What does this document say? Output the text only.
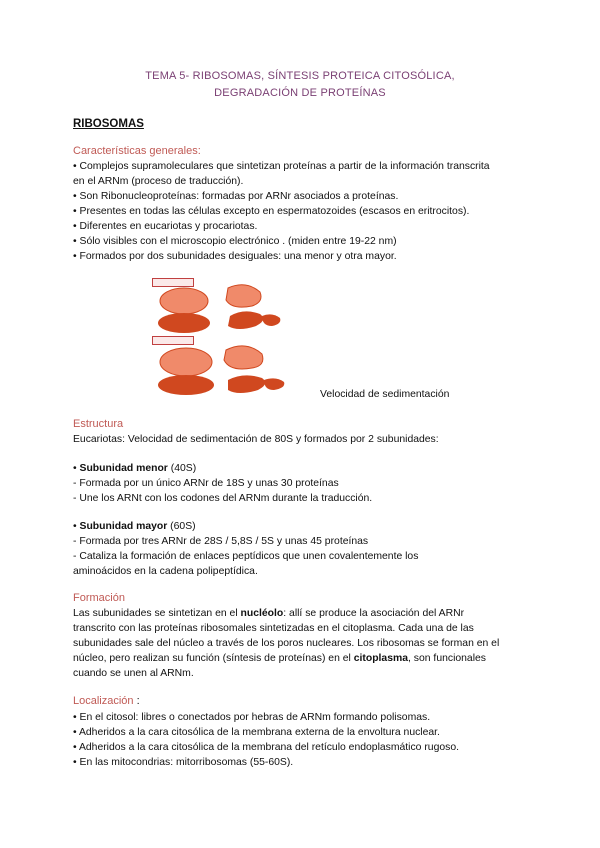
TEMA 5- RIBOSOMAS, SÍNTESIS PROTEICA CITOSÓLICA,
DEGRADACIÓN DE PROTEÍNAS
RIBOSOMAS
Características generales:
• Complejos supramoleculares que sintetizan proteínas a partir de la información transcrita
en el ARNm (proceso de traducción).
• Son Ribonucleoproteínas: formadas por ARNr asociados a proteínas.
• Presentes en todas las células excepto en espermatozoides (escasos en eritrocitos).
• Diferentes en eucariotas y procariotas.
• Sólo visibles con el microscopio electrónico . (miden entre 19-22 nm)
• Formados por dos subunidades desiguales: una menor y otra mayor.
Velocidad de sedimentación
Estructura
Eucariotas: Velocidad de sedimentación de 80S y formados por 2 subunidades:
• Subunidad menor (40S)
- Formada por un único ARNr de 18S y unas 30 proteínas
- Une los ARNt con los codones del ARNm durante la traducción.
• Subunidad mayor (60S)
- Formada por tres ARNr de 28S / 5,8S / 5S y unas 45 proteínas
- Cataliza la formación de enlaces peptídicos que unen covalentemente los
aminoácidos en la cadena polipeptídica.
Formación
Las subunidades se sintetizan en el nucléolo: allí se produce la asociación del ARNr
transcrito con las proteínas ribosomales sintetizadas en el citoplasma. Cada una de las
subunidades sale del núcleo a través de los poros nucleares. Los ribosomas se forman en el
núcleo, pero realizan su función (síntesis de proteínas) en el citoplasma, son funcionales
cuando se unen al ARNm.
Localización :
• En el citosol: libres o conectados por hebras de ARNm formando polisomas.
• Adheridos a la cara citosólica de la membrana externa de la envoltura nuclear.
• Adheridos a la cara citosólica de la membrana del retículo endoplasmático rugoso.
• En las mitocondrias: mitorribosomas (55-60S).
